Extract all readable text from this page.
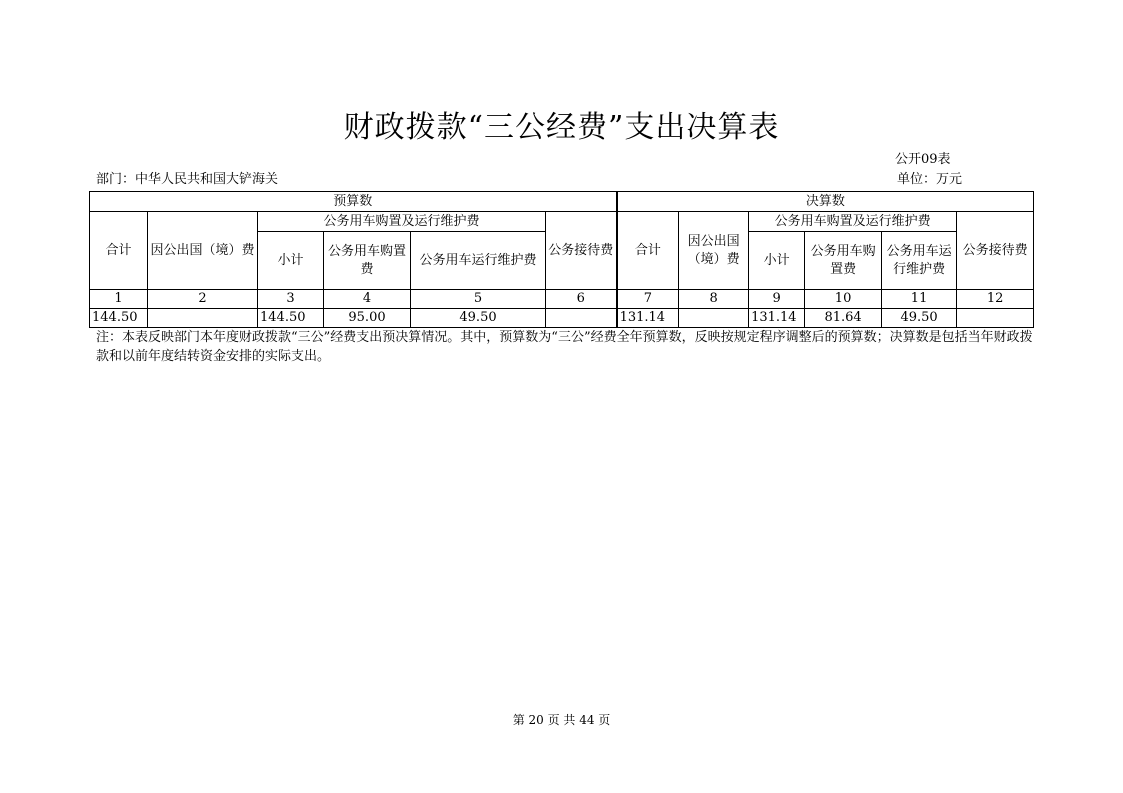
财政拨款“三公经费”支出决算表
公开09表
部门：中华人民共和国大铲海关	单位：万元
预算数						决算数					
合计	因公出国（境）费	公务用车购置及运行维护费			公务接待费	合计	因公出国（境）费	公务用车购置及运行维护费			公务接待费
		小计	公务用车购置费	公务用车运行维护费				小计	公务用车购置费	公务用车运行维护费	
1	2	3	4	5	6	7	8	9	10	11	12
144.50		144.50	95.00	49.50		131.14		131.14	81.64	49.50	
注：本表反映部门本年度财政拨款“三公”经费支出预决算情况。其中，预算数为“三公”经费全年预算数，反映按规定程序调整后的预算数；决算数是包括当年财政拨款和以前年度结转资金安排的实际支出。
第 20 页 共 44 页
